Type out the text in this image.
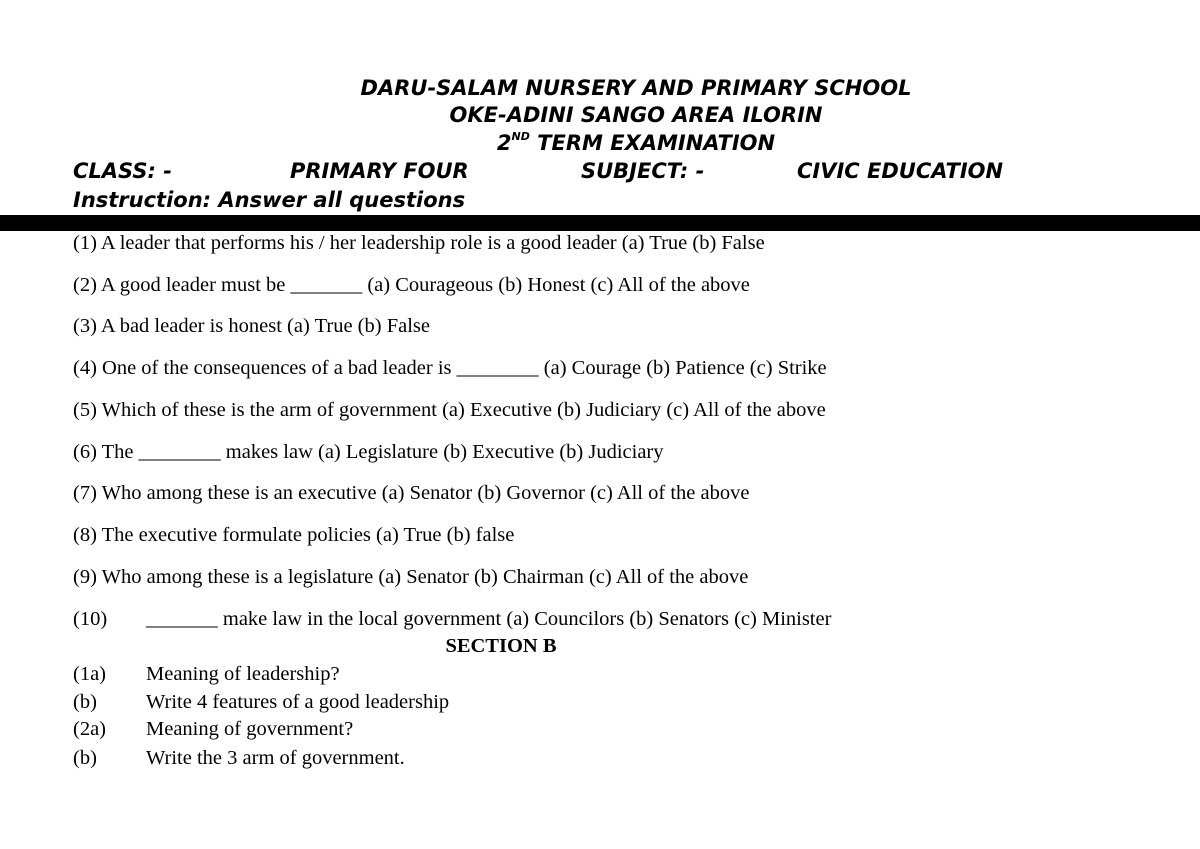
DARU-SALAM NURSERY AND PRIMARY SCHOOL
OKE-ADINI SANGO AREA ILORIN
2ND TERM EXAMINATION
CLASS: -	PRIMARY FOUR	SUBJECT: -	CIVIC EDUCATION
Instruction: Answer all questions
(1) A leader that performs his / her leadership role is a good leader (a) True (b) False
(2) A good leader must be _______ (a) Courageous (b) Honest (c) All of the above
(3) A bad leader is honest (a) True (b) False
(4) One of the consequences of a bad leader is ________ (a) Courage (b) Patience (c) Strike
(5) Which of these is the arm of government (a) Executive (b) Judiciary (c) All of the above
(6) The ________ makes law (a) Legislature (b) Executive (b) Judiciary
(7) Who among these is an executive (a) Senator (b) Governor (c) All of the above
(8) The executive formulate policies (a) True (b) false
(9) Who among these is a legislature (a) Senator (b) Chairman (c) All of the above
(10) _______ make law in the local government (a) Councilors (b) Senators (c) Minister
SECTION B
(1a) Meaning of leadership?
(b) Write 4 features of a good leadership
(2a) Meaning of government?
(b) Write the 3 arm of government.
